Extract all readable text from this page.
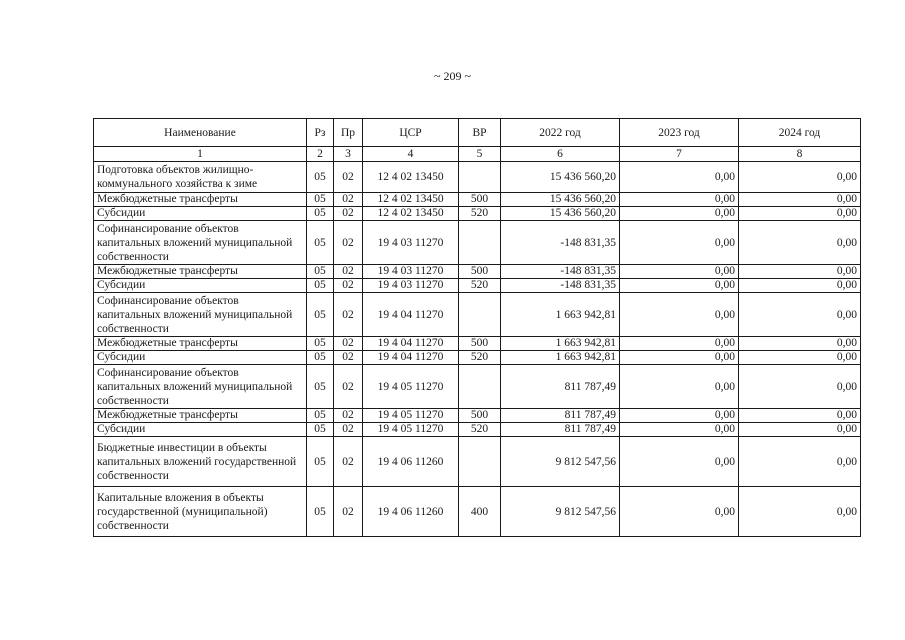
~ 209 ~
Наименование	Рз	Пр	ЦСР	ВР	2022 год	2023 год	2024 год
1	2	3	4	5	6	7	8
Подготовка объектов жилищно-коммунального хозяйства к зиме	05	02	12 4 02 13450		15 436 560,20	0,00	0,00
Межбюджетные трансферты	05	02	12 4 02 13450	500	15 436 560,20	0,00	0,00
Субсидии	05	02	12 4 02 13450	520	15 436 560,20	0,00	0,00
Софинансирование объектов капитальных вложений муниципальной собственности	05	02	19 4 03 11270		-148 831,35	0,00	0,00
Межбюджетные трансферты	05	02	19 4 03 11270	500	-148 831,35	0,00	0,00
Субсидии	05	02	19 4 03 11270	520	-148 831,35	0,00	0,00
Софинансирование объектов капитальных вложений муниципальной собственности	05	02	19 4 04 11270		1 663 942,81	0,00	0,00
Межбюджетные трансферты	05	02	19 4 04 11270	500	1 663 942,81	0,00	0,00
Субсидии	05	02	19 4 04 11270	520	1 663 942,81	0,00	0,00
Софинансирование объектов капитальных вложений муниципальной собственности	05	02	19 4 05 11270		811 787,49	0,00	0,00
Межбюджетные трансферты	05	02	19 4 05 11270	500	811 787,49	0,00	0,00
Субсидии	05	02	19 4 05 11270	520	811 787,49	0,00	0,00
Бюджетные инвестиции в объекты капитальных вложений государственной собственности	05	02	19 4 06 11260		9 812 547,56	0,00	0,00
Капитальные вложения в объекты государственной (муниципальной) собственности	05	02	19 4 06 11260	400	9 812 547,56	0,00	0,00
